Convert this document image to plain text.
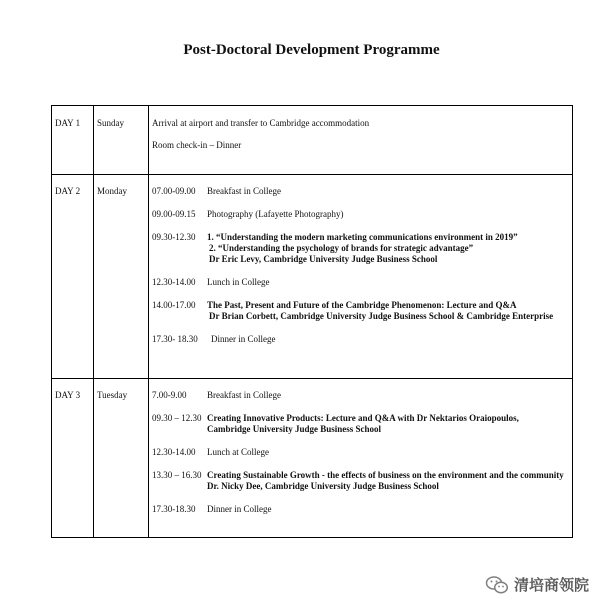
Post-Doctoral Development Programme
DAY 1 Sunday	Arrival at airport and transfer to Cambridge accommodation
Room check-in – Dinner
DAY 2 Monday	07.00-09.00 Breakfast in College
09.00-09.15 Photography (Lafayette Photography)
09.30-12.30 1. “Understanding the modern marketing communications environment in 2019”
2. “Understanding the psychology of brands for strategic advantage”
Dr Eric Levy, Cambridge University Judge Business School
12.30-14.00 Lunch in College
14.00-17.00 The Past, Present and Future of the Cambridge Phenomenon: Lecture and Q&A
Dr Brian Corbett, Cambridge University Judge Business School & Cambridge Enterprise
17.30- 18.30 Dinner in College
DAY 3 Tuesday	7.00-9.00 Breakfast in College
09.30 – 12.30 Creating Innovative Products: Lecture and Q&A with Dr Nektarios Oraiopoulos,
Cambridge University Judge Business School
12.30-14.00 Lunch at College
13.30 – 16.30 Creating Sustainable Growth - the effects of business on the environment and the community
Dr. Nicky Dee, Cambridge University Judge Business School
17.30-18.30 Dinner in College
清培商领院
